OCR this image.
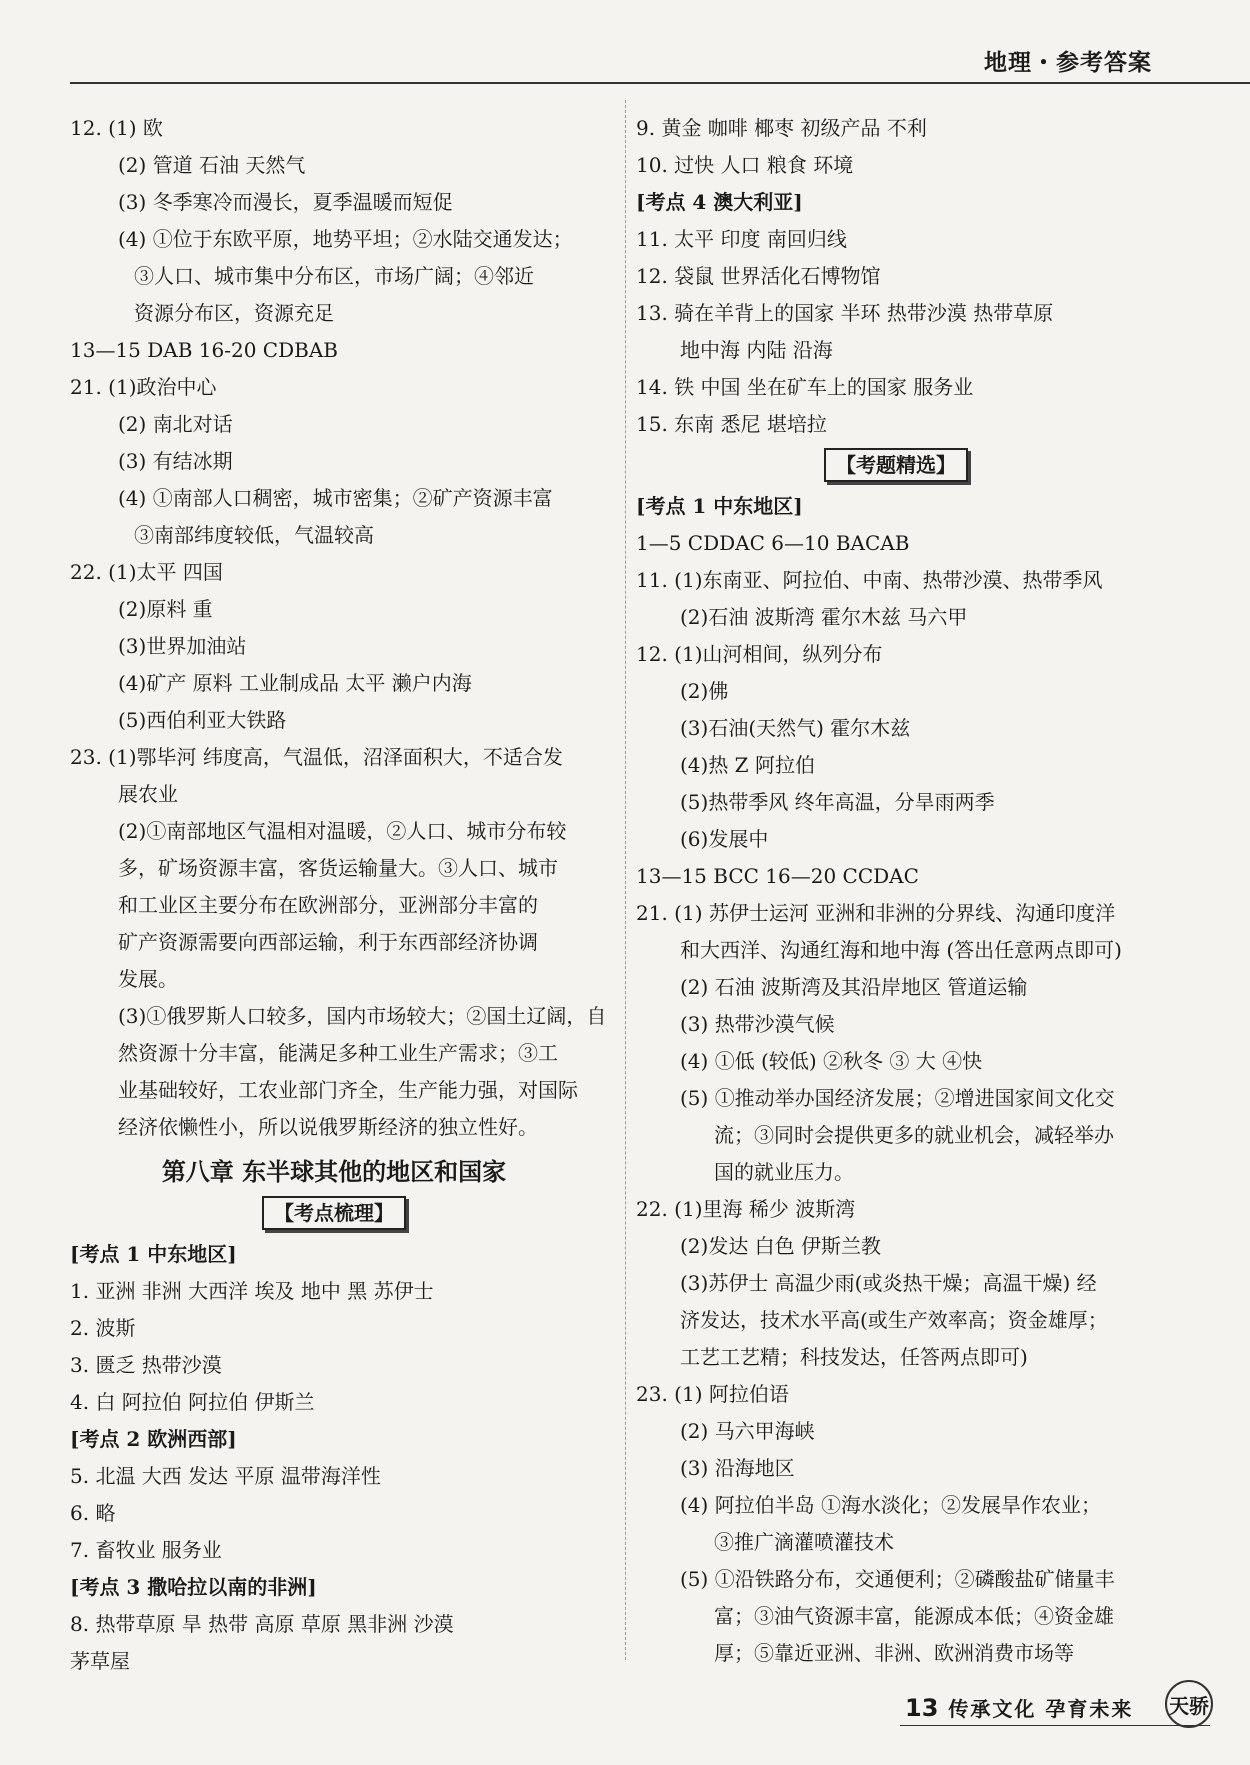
地理・参考答案
12. (1) 欧
(2) 管道 石油 天然气
(3) 冬季寒冷而漫长，夏季温暖而短促
(4) ①位于东欧平原，地势平坦；②水陆交通发达；
③人口、城市集中分布区，市场广阔；④邻近
资源分布区，资源充足
13—15 DAB 16-20 CDBAB
21. (1)政治中心
(2) 南北对话
(3) 有结冰期
(4) ①南部人口稠密，城市密集；②矿产资源丰富
③南部纬度较低，气温较高
22. (1)太平 四国
(2)原料 重
(3)世界加油站
(4)矿产 原料 工业制成品 太平 濑户内海
(5)西伯利亚大铁路
23. (1)鄂毕河 纬度高，气温低，沼泽面积大，不适合发
展农业
(2)①南部地区气温相对温暖，②人口、城市分布较
多，矿场资源丰富，客货运输量大。③人口、城市
和工业区主要分布在欧洲部分，亚洲部分丰富的
矿产资源需要向西部运输，利于东西部经济协调
发展。
(3)①俄罗斯人口较多，国内市场较大；②国土辽阔，自
然资源十分丰富，能满足多种工业生产需求；③工
业基础较好，工农业部门齐全，生产能力强，对国际
经济依懒性小，所以说俄罗斯经济的独立性好。
第八章 东半球其他的地区和国家
【考点梳理】
[考点 1 中东地区]
1. 亚洲 非洲 大西洋 埃及 地中 黑 苏伊士
2. 波斯
3. 匮乏 热带沙漠
4. 白 阿拉伯 阿拉伯 伊斯兰
[考点 2 欧洲西部]
5. 北温 大西 发达 平原 温带海洋性
6. 略
7. 畜牧业 服务业
[考点 3 撒哈拉以南的非洲]
8. 热带草原 旱 热带 高原 草原 黑非洲 沙漠
茅草屋
9. 黄金 咖啡 椰枣 初级产品 不利
10. 过快 人口 粮食 环境
[考点 4 澳大利亚]
11. 太平 印度 南回归线
12. 袋鼠 世界活化石博物馆
13. 骑在羊背上的国家 半环 热带沙漠 热带草原
地中海 内陆 沿海
14. 铁 中国 坐在矿车上的国家 服务业
15. 东南 悉尼 堪培拉
【考题精选】
[考点 1 中东地区]
1—5 CDDAC 6—10 BACAB
11. (1)东南亚、阿拉伯、中南、热带沙漠、热带季风
(2)石油 波斯湾 霍尔木兹 马六甲
12. (1)山河相间，纵列分布
(2)佛
(3)石油(天然气) 霍尔木兹
(4)热 Z 阿拉伯
(5)热带季风 终年高温，分旱雨两季
(6)发展中
13—15 BCC 16—20 CCDAC
21. (1) 苏伊士运河 亚洲和非洲的分界线、沟通印度洋
和大西洋、沟通红海和地中海 (答出任意两点即可)
(2) 石油 波斯湾及其沿岸地区 管道运输
(3) 热带沙漠气候
(4) ①低 (较低) ②秋冬 ③ 大 ④快
(5) ①推动举办国经济发展；②增进国家间文化交
流；③同时会提供更多的就业机会，减轻举办
国的就业压力。
22. (1)里海 稀少 波斯湾
(2)发达 白色 伊斯兰教
(3)苏伊士 高温少雨(或炎热干燥；高温干燥) 经
济发达，技术水平高(或生产效率高；资金雄厚；
工艺工艺精；科技发达，任答两点即可)
23. (1) 阿拉伯语
(2) 马六甲海峡
(3) 沿海地区
(4) 阿拉伯半岛 ①海水淡化；②发展旱作农业；
③推广滴灌喷灌技术
(5) ①沿铁路分布，交通便利；②磷酸盐矿储量丰
富；③油气资源丰富，能源成本低；④资金雄
厚；⑤靠近亚洲、非洲、欧洲消费市场等
13 传承文化 孕育未来 天骄
